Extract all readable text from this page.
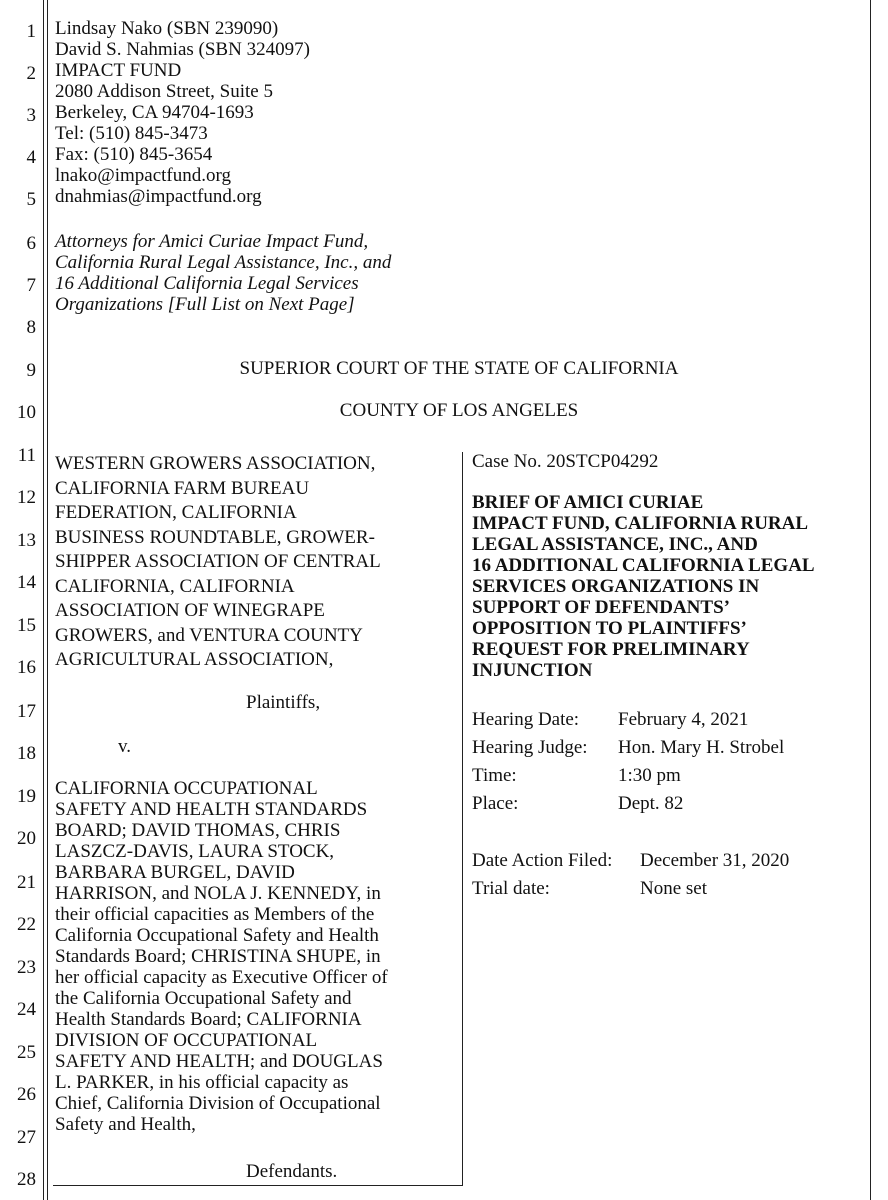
1
2
3
4
5
6
7
8
9
10
11
12
13
14
15
16
17
18
19
20
21
22
23
24
25
26
27
28
Lindsay Nako (SBN 239090)
David S. Nahmias (SBN 324097)
IMPACT FUND
2080 Addison Street, Suite 5
Berkeley, CA 94704-1693
Tel: (510) 845-3473
Fax: (510) 845-3654
lnako@impactfund.org
dnahmias@impactfund.org
Attorneys for Amici Curiae Impact Fund,
California Rural Legal Assistance, Inc., and
16 Additional California Legal Services
Organizations [Full List on Next Page]
SUPERIOR COURT OF THE STATE OF CALIFORNIA
COUNTY OF LOS ANGELES
WESTERN GROWERS ASSOCIATION,
CALIFORNIA FARM BUREAU
FEDERATION, CALIFORNIA
BUSINESS ROUNDTABLE, GROWER-
SHIPPER ASSOCIATION OF CENTRAL
CALIFORNIA, CALIFORNIA
ASSOCIATION OF WINEGRAPE
GROWERS, and VENTURA COUNTY
AGRICULTURAL ASSOCIATION,
Plaintiffs,
v.
CALIFORNIA OCCUPATIONAL
SAFETY AND HEALTH STANDARDS
BOARD; DAVID THOMAS, CHRIS
LASZCZ-DAVIS, LAURA STOCK,
BARBARA BURGEL, DAVID
HARRISON, and NOLA J. KENNEDY, in
their official capacities as Members of the
California Occupational Safety and Health
Standards Board; CHRISTINA SHUPE, in
her official capacity as Executive Officer of
the California Occupational Safety and
Health Standards Board; CALIFORNIA
DIVISION OF OCCUPATIONAL
SAFETY AND HEALTH; and DOUGLAS
L. PARKER, in his official capacity as
Chief, California Division of Occupational
Safety and Health,
Defendants.
Case No. 20STCP04292
BRIEF OF AMICI CURIAE
IMPACT FUND, CALIFORNIA RURAL
LEGAL ASSISTANCE, INC., AND
16 ADDITIONAL CALIFORNIA LEGAL
SERVICES ORGANIZATIONS IN
SUPPORT OF DEFENDANTS’
OPPOSITION TO PLAINTIFFS’
REQUEST FOR PRELIMINARY
INJUNCTION
Hearing Date: February 4, 2021
Hearing Judge: Hon. Mary H. Strobel
Time:	1:30 pm
Place:	Dept. 82
Date Action Filed: December 31, 2020
Trial date:	None set
